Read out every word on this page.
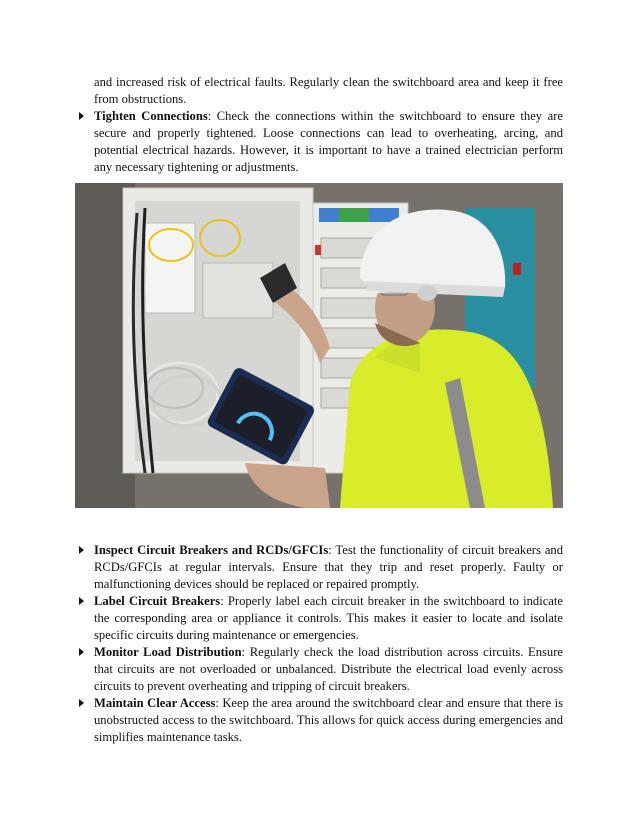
and increased risk of electrical faults. Regularly clean the switchboard area and keep it free from obstructions.

Tighten Connections: Check the connections within the switchboard to ensure they are secure and properly tightened. Loose connections can lead to overheating, arcing, and potential electrical hazards. However, it is important to have a trained electrician perform any necessary tightening or adjustments.
Inspect Circuit Breakers and RCDs/GFCIs: Test the functionality of circuit breakers and RCDs/GFCIs at regular intervals. Ensure that they trip and reset properly. Faulty or malfunctioning devices should be replaced or repaired promptly.
Label Circuit Breakers: Properly label each circuit breaker in the switchboard to indicate the corresponding area or appliance it controls. This makes it easier to locate and isolate specific circuits during maintenance or emergencies.
Monitor Load Distribution: Regularly check the load distribution across circuits. Ensure that circuits are not overloaded or unbalanced. Distribute the electrical load evenly across circuits to prevent overheating and tripping of circuit breakers.
Maintain Clear Access: Keep the area around the switchboard clear and ensure that there is unobstructed access to the switchboard. This allows for quick access during emergencies and simplifies maintenance tasks.
